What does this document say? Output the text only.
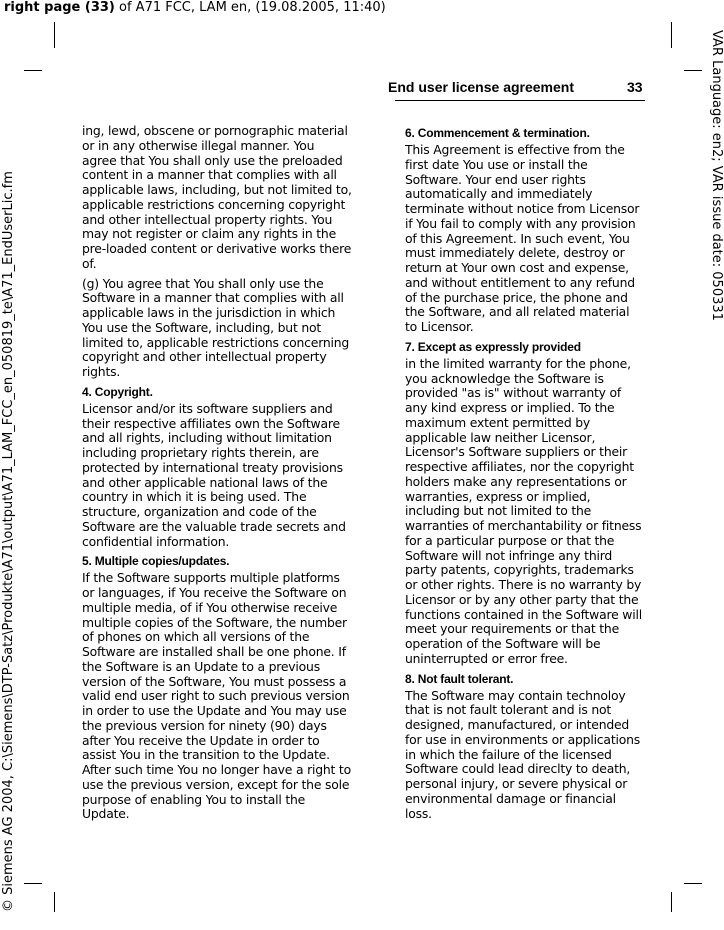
right page (33) of A71 FCC, LAM en, (19.08.2005, 11:40)
© Siemens AG 2004, C:\Siemens\DTP-Satz\Produkte\A71\output\A71_LAM_FCC_en_050819_te\A71_EndUserLic.fm	VAR Language: en2; VAR issue date: 050331
End user license agreement	33

ing, lewd, obscene or pornographic material or in any otherwise illegal manner. You agree that You shall only use the preloaded content in a manner that complies with all applicable laws, including, but not limited to, applicable restrictions concerning copyright and other intellectual property rights. You may not register or claim any rights in the pre-loaded content or derivative works there of.

(g) You agree that You shall only use the Software in a manner that complies with all applicable laws in the jurisdiction in which You use the Software, including, but not limited to, applicable restrictions concerning copyright and other intellectual property rights.

4. Copyright.

Licensor and/or its software suppliers and their respective affiliates own the Software and all rights, including without limitation including proprietary rights therein, are protected by international treaty provisions and other applicable national laws of the country in which it is being used. The structure, organization and code of the Software are the valuable trade secrets and confidential information.

5. Multiple copies/updates.

If the Software supports multiple platforms or languages, if You receive the Software on multiple media, of if You otherwise receive multiple copies of the Software, the number of phones on which all versions of the Software are installed shall be one phone. If the Software is an Update to a previous version of the Software, You must possess a valid end user right to such previous version in order to use the Update and You may use the previous version for ninety (90) days after You receive the Update in order to assist You in the transition to the Update. After such time You no longer have a right to use the previous version, except for the sole purpose of enabling You to install the Update.

6. Commencement & termination.

This Agreement is effective from the first date You use or install the Software. Your end user rights automatically and immediately terminate without notice from Licensor if You fail to comply with any provision of this Agreement. In such event, You must immediately delete, destroy or return at Your own cost and expense, and without entitlement to any refund of the purchase price, the phone and the Software, and all related material to Licensor.

7. Except as expressly provided

in the limited warranty for the phone, you acknowledge the Software is provided "as is" without warranty of any kind express or implied. To the maximum extent permitted by applicable law neither Licensor, Licensor's Software suppliers or their respective affiliates, nor the copyright holders make any representations or warranties, express or implied, including but not limited to the warranties of merchantability or fitness for a particular purpose or that the Software will not infringe any third party patents, copyrights, trademarks or other rights. There is no warranty by Licensor or by any other party that the functions contained in the Software will meet your requirements or that the operation of the Software will be uninterrupted or error free.

8. Not fault tolerant.

The Software may contain technoloy that is not fault tolerant and is not designed, manufactured, or intended for use in environments or applications in which the failure of the licensed Software could lead direclty to death, personal injury, or severe physical or environmental damage or financial loss.
